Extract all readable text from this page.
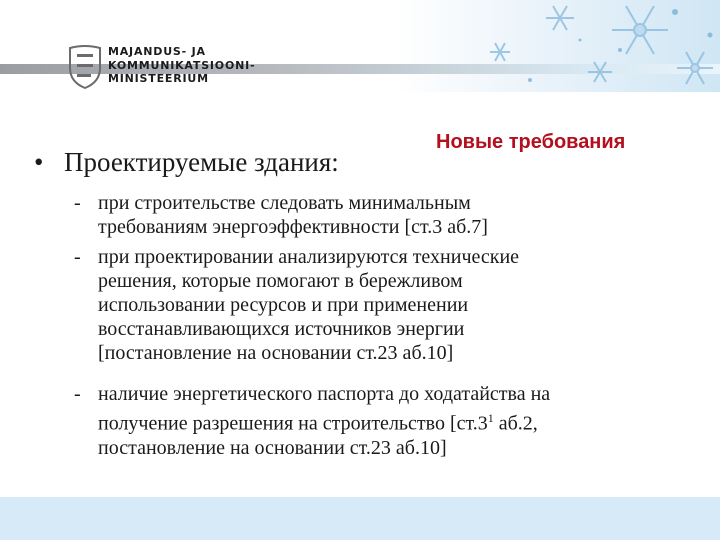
MAJANDUS- JA
KOMMUNIKATSIOONI-
MINISTEERIUM
Новые требования
• Проектируемые здания:
- при строительстве следовать минимальным
требованиям энергоэффективности [ст.3 аб.7]
- при проектировании анализируются технические
решения, которые помогают в бережливом
использовании ресурсов и при применении
восстанавливающихся источников энергии
[постановление на основании ст.23 аб.10]
- наличие энергетического паспорта до ходатайства на
получение разрешения на строительство [$ст.3^1$ аб.2,
постановление на основании ст.23 аб.10]
